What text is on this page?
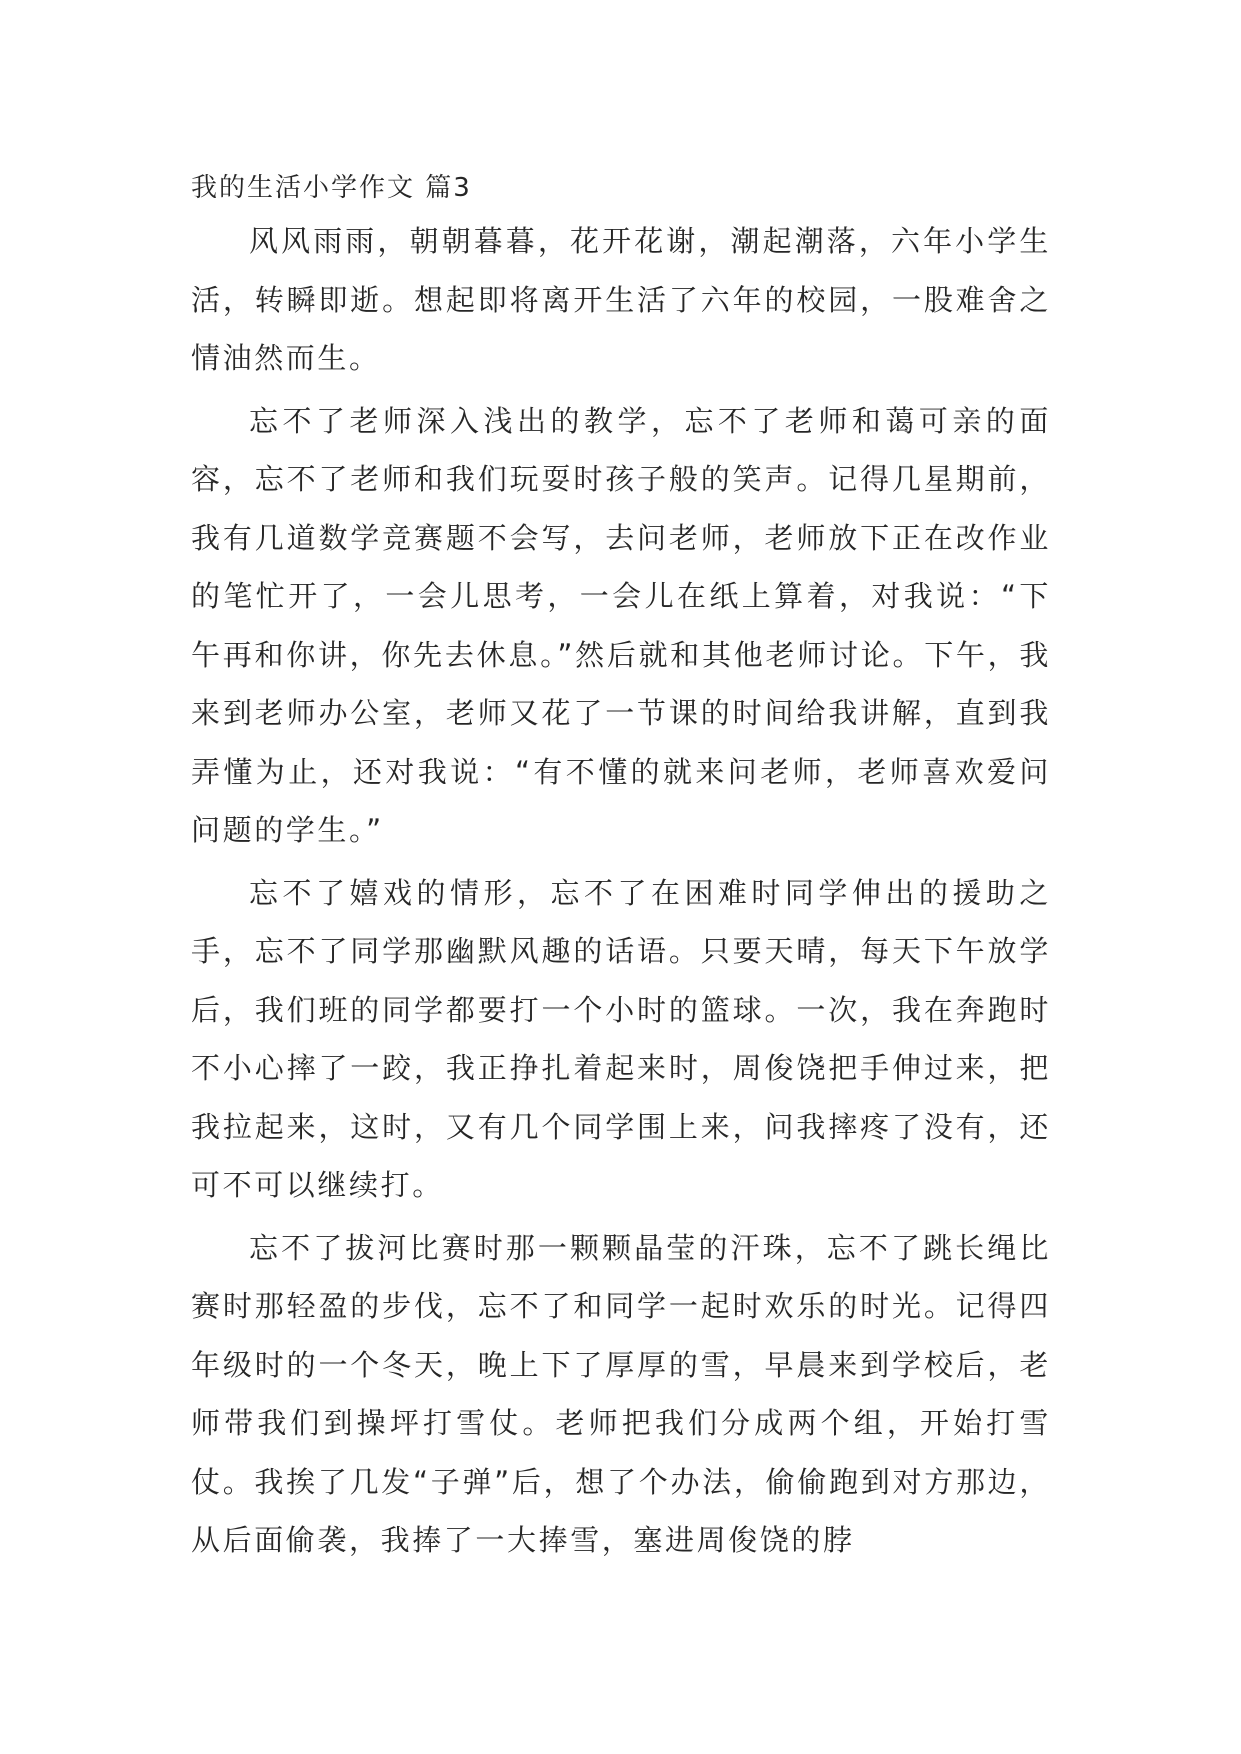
我的生活小学作文 篇3

风风雨雨，朝朝暮暮，花开花谢，潮起潮落，六年小学生活，转瞬即逝。想起即将离开生活了六年的校园，一股难舍之情油然而生。

忘不了老师深入浅出的教学，忘不了老师和蔼可亲的面容，忘不了老师和我们玩耍时孩子般的笑声。记得几星期前，我有几道数学竞赛题不会写，去问老师，老师放下正在改作业的笔忙开了，一会儿思考，一会儿在纸上算着，对我说：“下午再和你讲，你先去休息。”然后就和其他老师讨论。下午，我来到老师办公室，老师又花了一节课的时间给我讲解，直到我弄懂为止，还对我说：“有不懂的就来问老师，老师喜欢爱问问题的学生。”

忘不了嬉戏的情形，忘不了在困难时同学伸出的援助之手，忘不了同学那幽默风趣的话语。只要天晴，每天下午放学后，我们班的同学都要打一个小时的篮球。一次，我在奔跑时不小心摔了一跤，我正挣扎着起来时，周俊饶把手伸过来，把我拉起来，这时，又有几个同学围上来，问我摔疼了没有，还可不可以继续打。

忘不了拔河比赛时那一颗颗晶莹的汗珠，忘不了跳长绳比赛时那轻盈的步伐，忘不了和同学一起时欢乐的时光。记得四年级时的一个冬天，晚上下了厚厚的雪，早晨来到学校后，老师带我们到操坪打雪仗。老师把我们分成两个组，开始打雪仗。我挨了几发“子弹”后，想了个办法，偷偷跑到对方那边，从后面偷袭，我捧了一大捧雪，塞进周俊饶的脖
